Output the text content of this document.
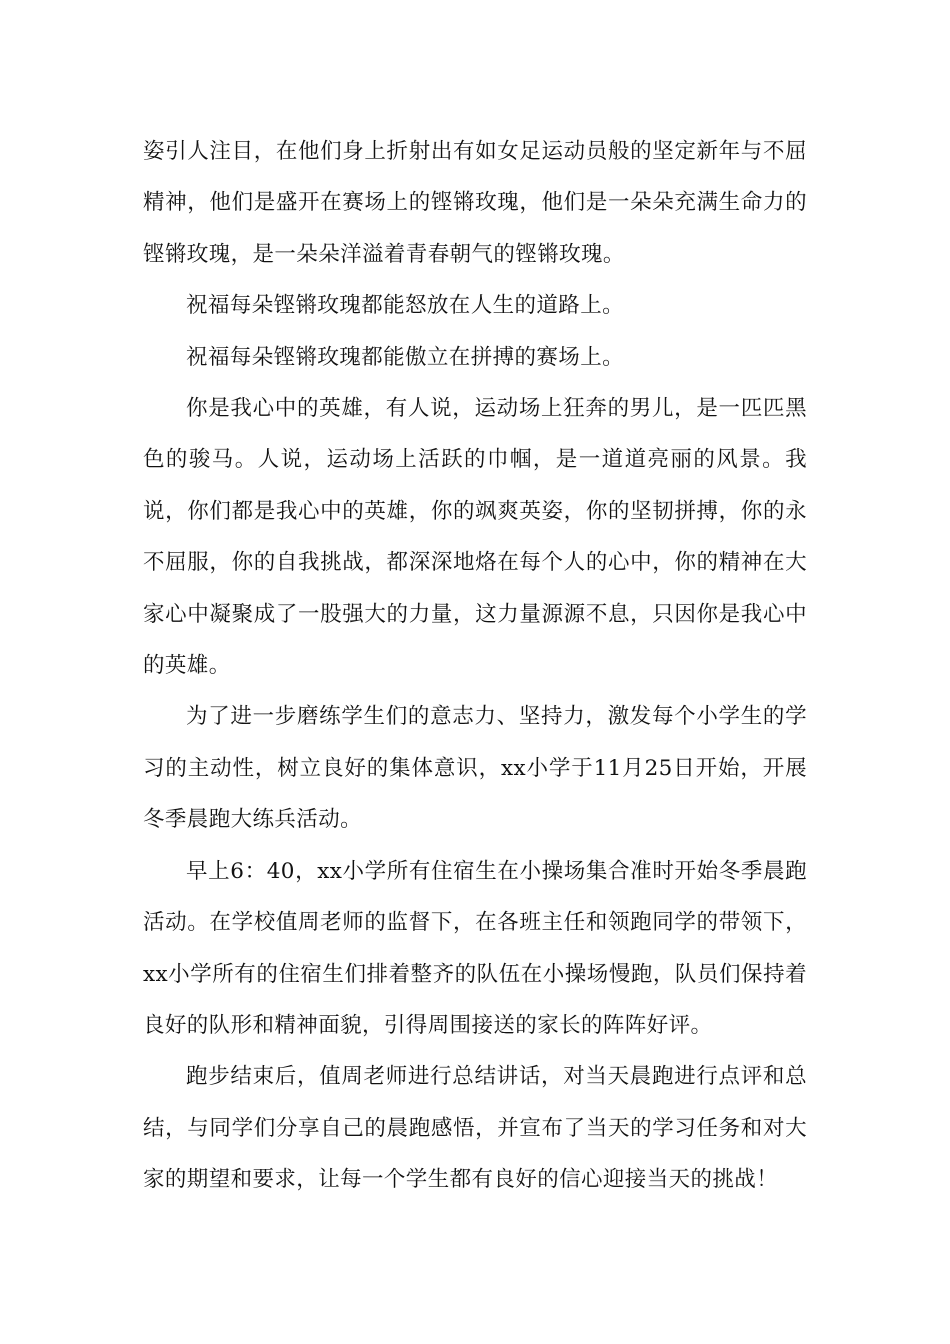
姿引人注目，在他们身上折射出有如女足运动员般的坚定新年与不屈精神，他们是盛开在赛场上的铿锵玫瑰，他们是一朵朵充满生命力的铿锵玫瑰，是一朵朵洋溢着青春朝气的铿锵玫瑰。

祝福每朵铿锵玫瑰都能怒放在人生的道路上。

祝福每朵铿锵玫瑰都能傲立在拼搏的赛场上。

你是我心中的英雄，有人说，运动场上狂奔的男儿，是一匹匹黑色的骏马。人说，运动场上活跃的巾帼，是一道道亮丽的风景。我说，你们都是我心中的英雄，你的飒爽英姿，你的坚韧拼搏，你的永不屈服，你的自我挑战，都深深地烙在每个人的心中，你的精神在大家心中凝聚成了一股强大的力量，这力量源源不息，只因你是我心中的英雄。

为了进一步磨练学生们的意志力、坚持力，激发每个小学生的学习的主动性，树立良好的集体意识，xx小学于11月25日开始，开展冬季晨跑大练兵活动。

早上6：40，xx小学所有住宿生在小操场集合准时开始冬季晨跑活动。在学校值周老师的监督下，在各班主任和领跑同学的带领下，xx小学所有的住宿生们排着整齐的队伍在小操场慢跑，队员们保持着良好的队形和精神面貌，引得周围接送的家长的阵阵好评。

跑步结束后，值周老师进行总结讲话，对当天晨跑进行点评和总结，与同学们分享自己的晨跑感悟，并宣布了当天的学习任务和对大家的期望和要求，让每一个学生都有良好的信心迎接当天的挑战！
